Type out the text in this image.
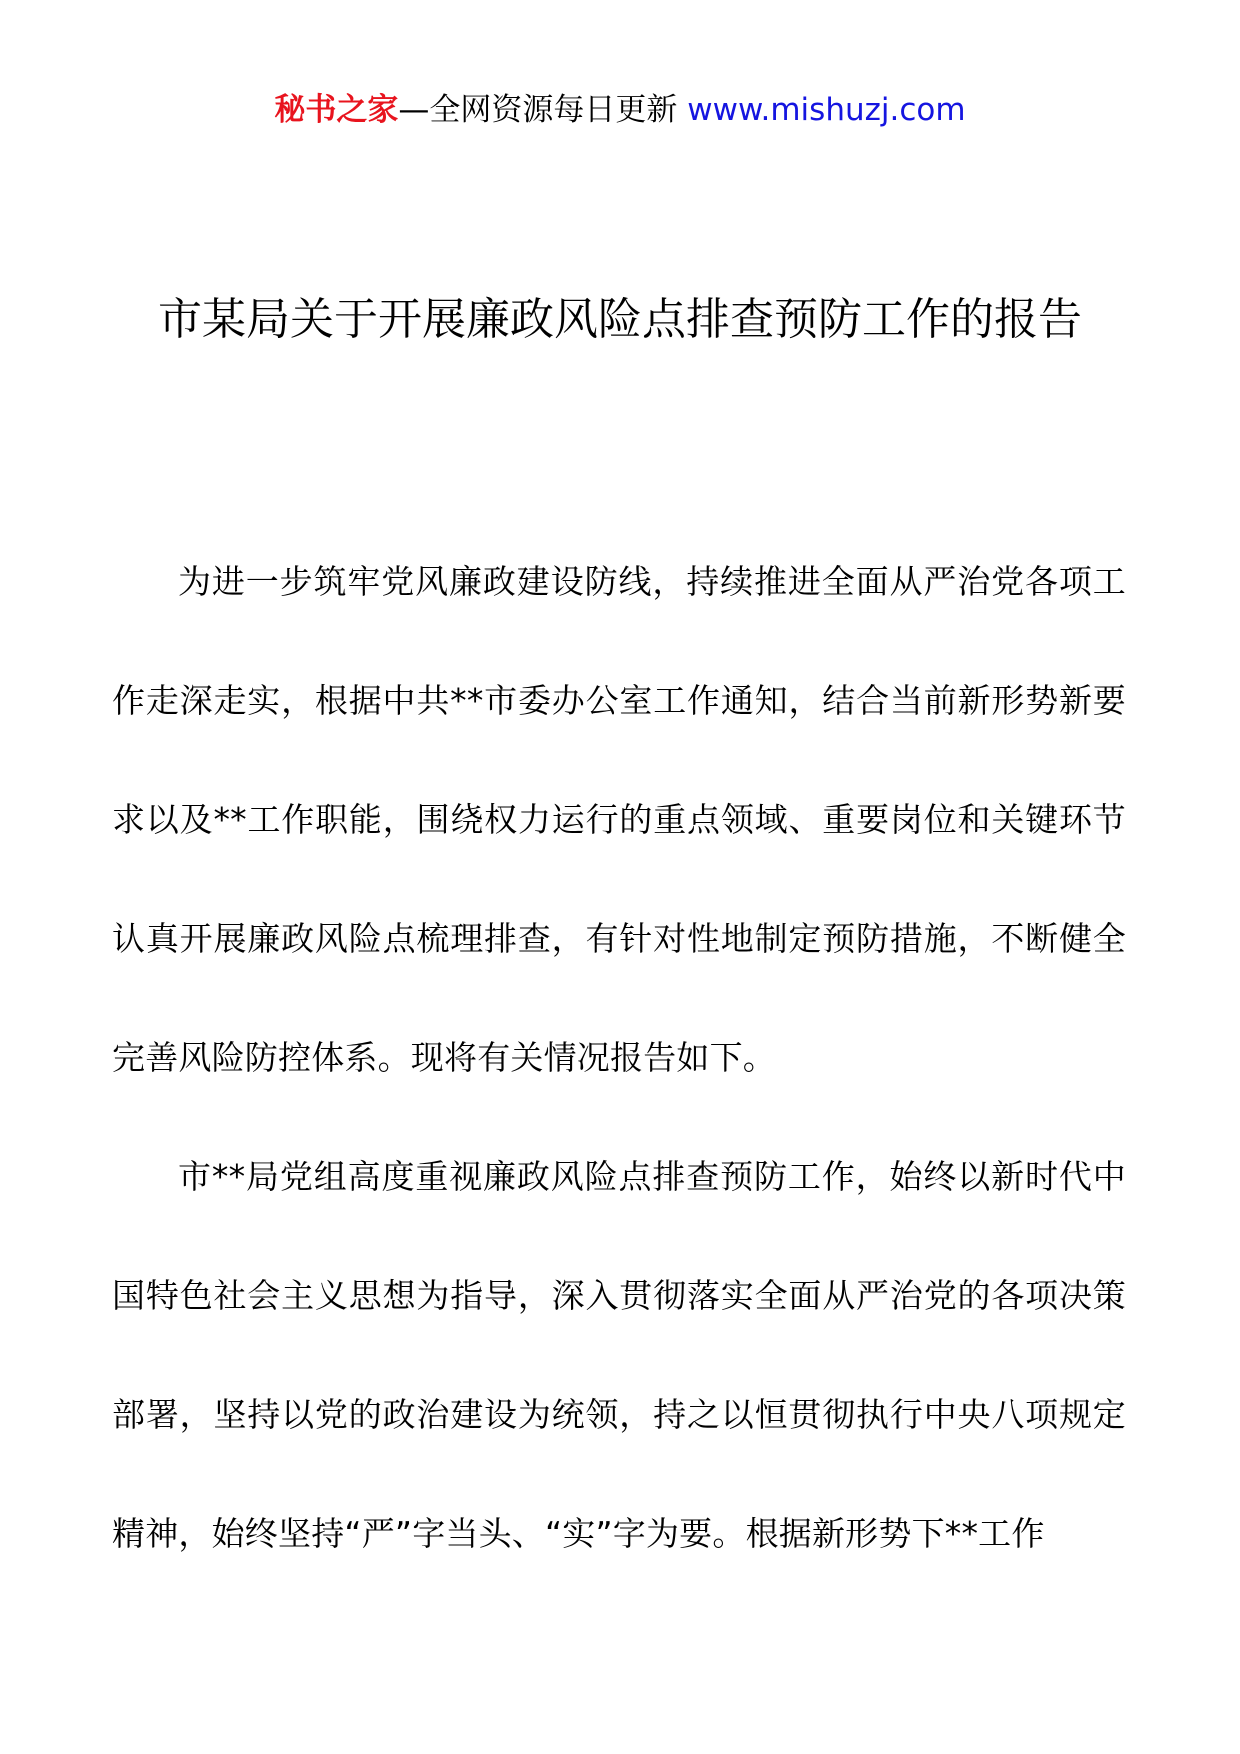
秘书之家—全网资源每日更新 www.mishuzj.com
市某局关于开展廉政风险点排查预防工作的报告

为进一步筑牢党风廉政建设防线，持续推进全面从严治党各项工作走深走实，根据中共**市委办公室工作通知，结合当前新形势新要求以及**工作职能，围绕权力运行的重点领域、重要岗位和关键环节认真开展廉政风险点梳理排查，有针对性地制定预防措施，不断健全完善风险防控体系。现将有关情况报告如下。

市**局党组高度重视廉政风险点排查预防工作，始终以新时代中国特色社会主义思想为指导，深入贯彻落实全面从严治党的各项决策部署，坚持以党的政治建设为统领，持之以恒贯彻执行中央八项规定精神，始终坚持“严”字当头、“实”字为要。根据新形势下**工作
